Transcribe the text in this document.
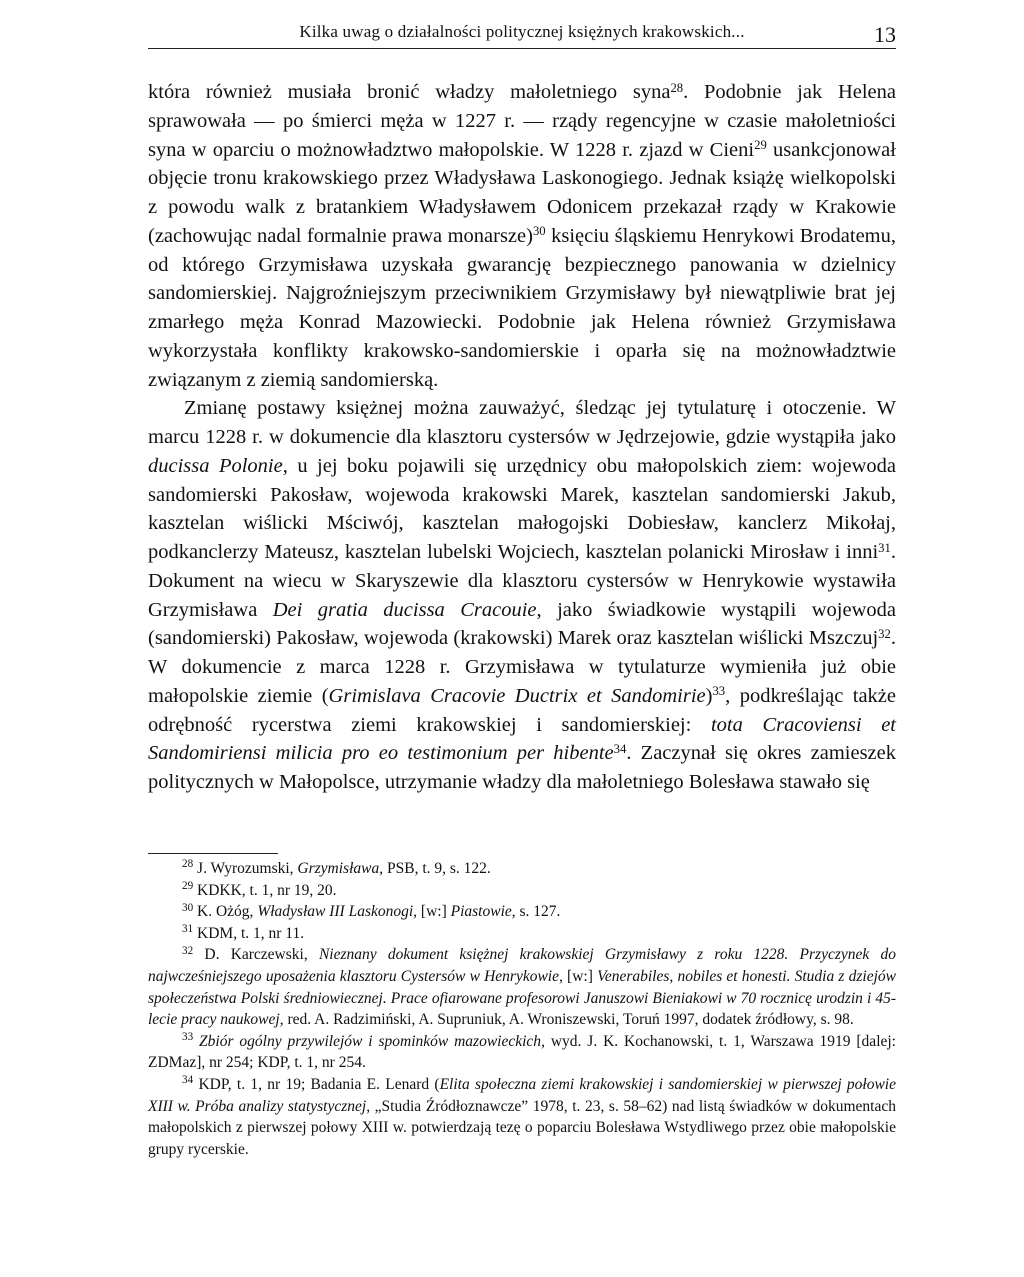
Kilka uwag o działalności politycznej księżnych krakowskich...	13

która również musiała bronić władzy małoletniego syna$^{28}$. Podobnie jak Helena sprawowała — po śmierci męża w 1227 r. — rządy regencyjne w czasie małoletniości syna w oparciu o możnowładztwo małopolskie. W 1228 r. zjazd w Cieni$^{29}$ usankcjonował objęcie tronu krakowskiego przez Władysława Laskonogiego. Jednak książę wielkopolski z powodu walk z bratankiem Władysławem Odonicem przekazał rządy w Krakowie (zachowując nadal formalnie prawa monarsze)$^{30}$ księciu śląskiemu Henrykowi Brodatemu, od którego Grzymisława uzyskała gwarancję bezpiecznego panowania w dzielnicy sandomierskiej. Najgroźniejszym przeciwnikiem Grzymisławy był niewątpliwie brat jej zmarłego męża Konrad Mazowiecki. Podobnie jak Helena również Grzymisława wykorzystała konflikty krakowsko-sandomierskie i oparła się na możnowładztwie związanym z ziemią sandomierską.

Zmianę postawy księżnej można zauważyć, śledząc jej tytulaturę i otoczenie. W marcu 1228 r. w dokumencie dla klasztoru cystersów w Jędrzejowie, gdzie wystąpiła jako ducissa Polonie, u jej boku pojawili się urzędnicy obu małopolskich ziem: wojewoda sandomierski Pakosław, wojewoda krakowski Marek, kasztelan sandomierski Jakub, kasztelan wiślicki Mściwój, kasztelan małogojski Dobiesław, kanclerz Mikołaj, podkanclerzy Mateusz, kasztelan lubelski Wojciech, kasztelan polanicki Mirosław i inni$^{31}$. Dokument na wiecu w Skaryszewie dla klasztoru cystersów w Henrykowie wystawiła Grzymisława Dei gratia ducissa Cracouie, jako świadkowie wystąpili wojewoda (sandomierski) Pakosław, wojewoda (krakowski) Marek oraz kasztelan wiślicki Mszczuj$^{32}$. W dokumencie z marca 1228 r. Grzymisława w tytulaturze wymieniła już obie małopolskie ziemie (Grimislava Cracovie Ductrix et Sandomirie)$^{33}$, podkreślając także odrębność rycerstwa ziemi krakowskiej i sandomierskiej: tota Cracoviensi et Sandomiriensi milicia pro eo testimonium per hibente$^{34}$. Zaczynał się okres zamieszek politycznych w Małopolsce, utrzymanie władzy dla małoletniego Bolesława stawało się

$^{28}$ J. Wyrozumski, Grzymisława, PSB, t. 9, s. 122.

$^{29}$ KDKK, t. 1, nr 19, 20.

$^{30}$ K. Ożóg, Władysław III Laskonogi, [w:] Piastowie, s. 127.

$^{31}$ KDM, t. 1, nr 11.

$^{32}$ D. Karczewski, Nieznany dokument księżnej krakowskiej Grzymisławy z roku 1228. Przyczynek do najwcześniejszego uposażenia klasztoru Cystersów w Henrykowie, [w:] Venerabiles, nobiles et honesti. Studia z dziejów społeczeństwa Polski średniowiecznej. Prace ofiarowane profesorowi Januszowi Bieniakowi w 70 rocznicę urodzin i 45-lecie pracy naukowej, red. A. Radzimiński, A. Supruniuk, A. Wroniszewski, Toruń 1997, dodatek źródłowy, s. 98.

$^{33}$ Zbiór ogólny przywilejów i spominków mazowieckich, wyd. J. K. Kochanowski, t. 1, Warszawa 1919 [dalej: ZDMaz], nr 254; KDP, t. 1, nr 254.

$^{34}$ KDP, t. 1, nr 19; Badania E. Lenard (Elita społeczna ziemi krakowskiej i sandomierskiej w pierwszej połowie XIII w. Próba analizy statystycznej, „Studia Źródłoznawcze” 1978, t. 23, s. 58–62) nad listą świadków w dokumentach małopolskich z pierwszej połowy XIII w. potwierdzają tezę o poparciu Bolesława Wstydliwego przez obie małopolskie grupy rycerskie.
